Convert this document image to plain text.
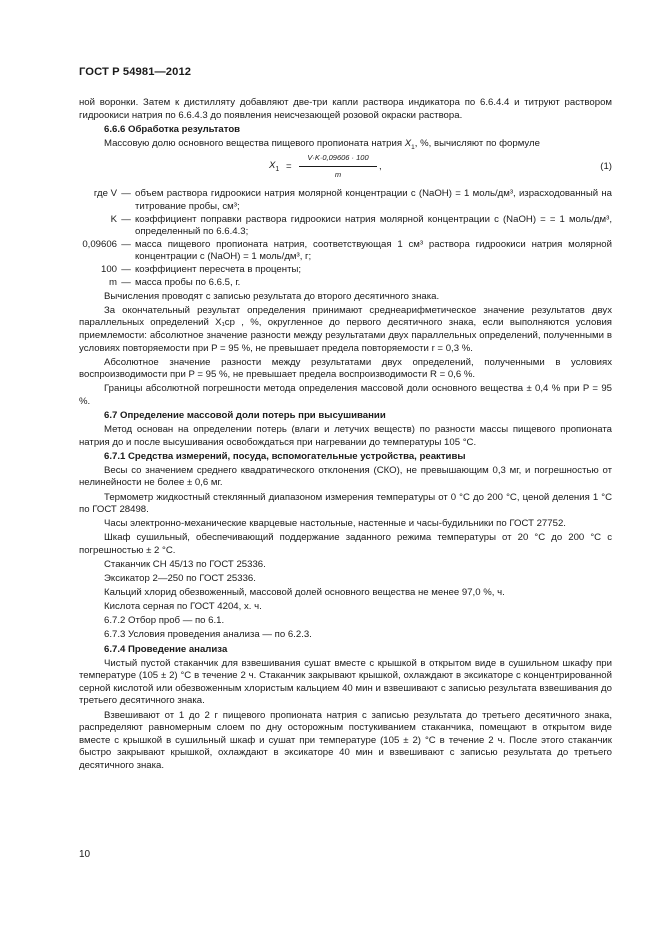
ГОСТ Р 54981—2012

ной воронки. Затем к дистилляту добавляют две-три капли раствора индикатора по 6.6.4.4 и титруют раствором гидроокиси натрия по 6.6.4.3 до появления неисчезающей розовой окраски раствора.

6.6.6 Обработка результатов

Массовую долю основного вещества пищевого пропионата натрия $X_1$, %, вычисляют по формуле

$X_1 = \frac{V\cdot K\cdot 0,09606 \cdot 100}{m}$ ,	(1)
где V — объем раствора гидроокиси натрия молярной концентрации c (NaOH) = 1 моль/дм³, израсходованный на титрование пробы, см³;
K — коэффициент поправки раствора гидроокиси натрия молярной концентрации c (NaOH) = = 1 моль/дм³, определенный по 6.6.4.3;
0,09606 — масса пищевого пропионата натрия, соответствующая 1 см³ раствора гидроокиси натрия молярной концентрации c (NaOH) = 1 моль/дм³, г;
100 — коэффициент пересчета в проценты;
m — масса пробы по 6.6.5, г.

Вычисления проводят с записью результата до второго десятичного знака.

За окончательный результат определения принимают среднеарифметическое значение результатов двух параллельных определений X₁ср , %, округленное до первого десятичного знака, если выполняются условия приемлемости: абсолютное значение разности между результатами двух параллельных определений, полученными в условиях повторяемости при P = 95 %, не превышает предела повторяемости r = 0,3 %.

Абсолютное значение разности между результатами двух определений, полученными в условиях воспроизводимости при P = 95 %, не превышает предела воспроизводимости R = 0,6 %.

Границы абсолютной погрешности метода определения массовой доли основного вещества ± 0,4 % при P = 95 %.

6.7 Определение массовой доли потерь при высушивании

Метод основан на определении потерь (влаги и летучих веществ) по разности массы пищевого пропионата натрия до и после высушивания освобождаться при нагревании до температуры 105 °С.

6.7.1 Средства измерений, посуда, вспомогательные устройства, реактивы

Весы со значением среднего квадратического отклонения (СКО), не превышающим 0,3 мг, и погрешностью от нелинейности не более ± 0,6 мг.

Термометр жидкостный стеклянный диапазоном измерения температуры от 0 °С до 200 °С, ценой деления 1 °С по ГОСТ 28498.

Часы электронно-механические кварцевые настольные, настенные и часы-будильники по ГОСТ 27752.

Шкаф сушильный, обеспечивающий поддержание заданного режима температуры от 20 °С до 200 °С с погрешностью ± 2 °С.

Стаканчик СН 45/13 по ГОСТ 25336.

Эксикатор 2—250 по ГОСТ 25336.

Кальций хлорид обезвоженный, массовой долей основного вещества не менее 97,0 %, ч.

Кислота серная по ГОСТ 4204, х. ч.

6.7.2 Отбор проб — по 6.1.

6.7.3 Условия проведения анализа — по 6.2.3.

6.7.4 Проведение анализа

Чистый пустой стаканчик для взвешивания сушат вместе с крышкой в открытом виде в сушильном шкафу при температуре (105 ± 2) °С в течение 2 ч. Стаканчик закрывают крышкой, охлаждают в эксикаторе с концентрированной серной кислотой или обезвоженным хлористым кальцием 40 мин и взвешивают с записью результата взвешивания до третьего десятичного знака.

Взвешивают от 1 до 2 г пищевого пропионата натрия с записью результата до третьего десятичного знака, распределяют равномерным слоем по дну осторожным постукиванием стаканчика, помещают в открытом виде вместе с крышкой в сушильный шкаф и сушат при температуре (105 ± 2) °С в течение 2 ч. После этого стаканчик быстро закрывают крышкой, охлаждают в эксикаторе 40 мин и взвешивают с записью результата до третьего десятичного знака.

10
